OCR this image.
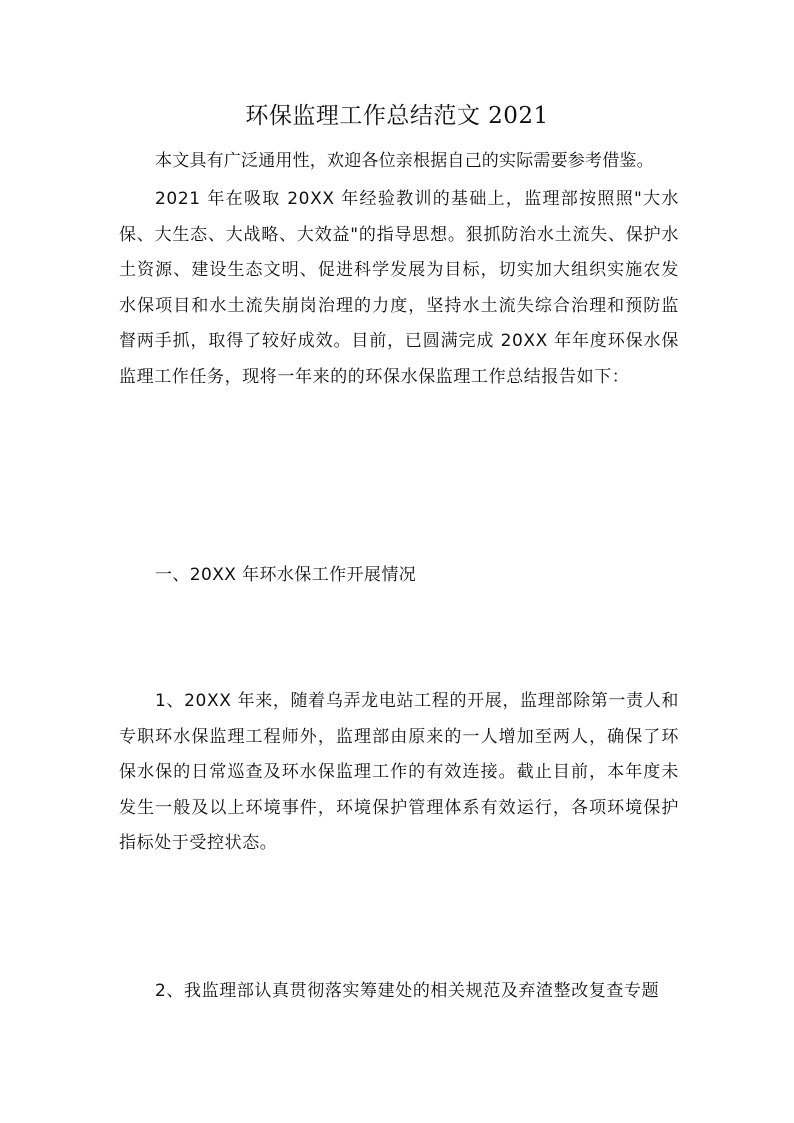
环保监理工作总结范文 2021

本文具有广泛通用性，欢迎各位亲根据自己的实际需要参考借鉴。

2021 年在吸取 20XX 年经验教训的基础上，监理部按照照"大水保、大生态、大战略、大效益"的指导思想。狠抓防治水土流失、保护水土资源、建设生态文明、促进科学发展为目标，切实加大组织实施农发水保项目和水土流失崩岗治理的力度，坚持水土流失综合治理和预防监督两手抓，取得了较好成效。目前，已圆满完成 20XX 年年度环保水保监理工作任务，现将一年来的的环保水保监理工作总结报告如下：

一、20XX 年环水保工作开展情况

1、20XX 年来，随着乌弄龙电站工程的开展，监理部除第一责人和专职环水保监理工程师外，监理部由原来的一人增加至两人，确保了环保水保的日常巡查及环水保监理工作的有效连接。截止目前，本年度未发生一般及以上环境事件，环境保护管理体系有效运行，各项环境保护指标处于受控状态。

2、我监理部认真贯彻落实筹建处的相关规范及弃渣整改复查专题
